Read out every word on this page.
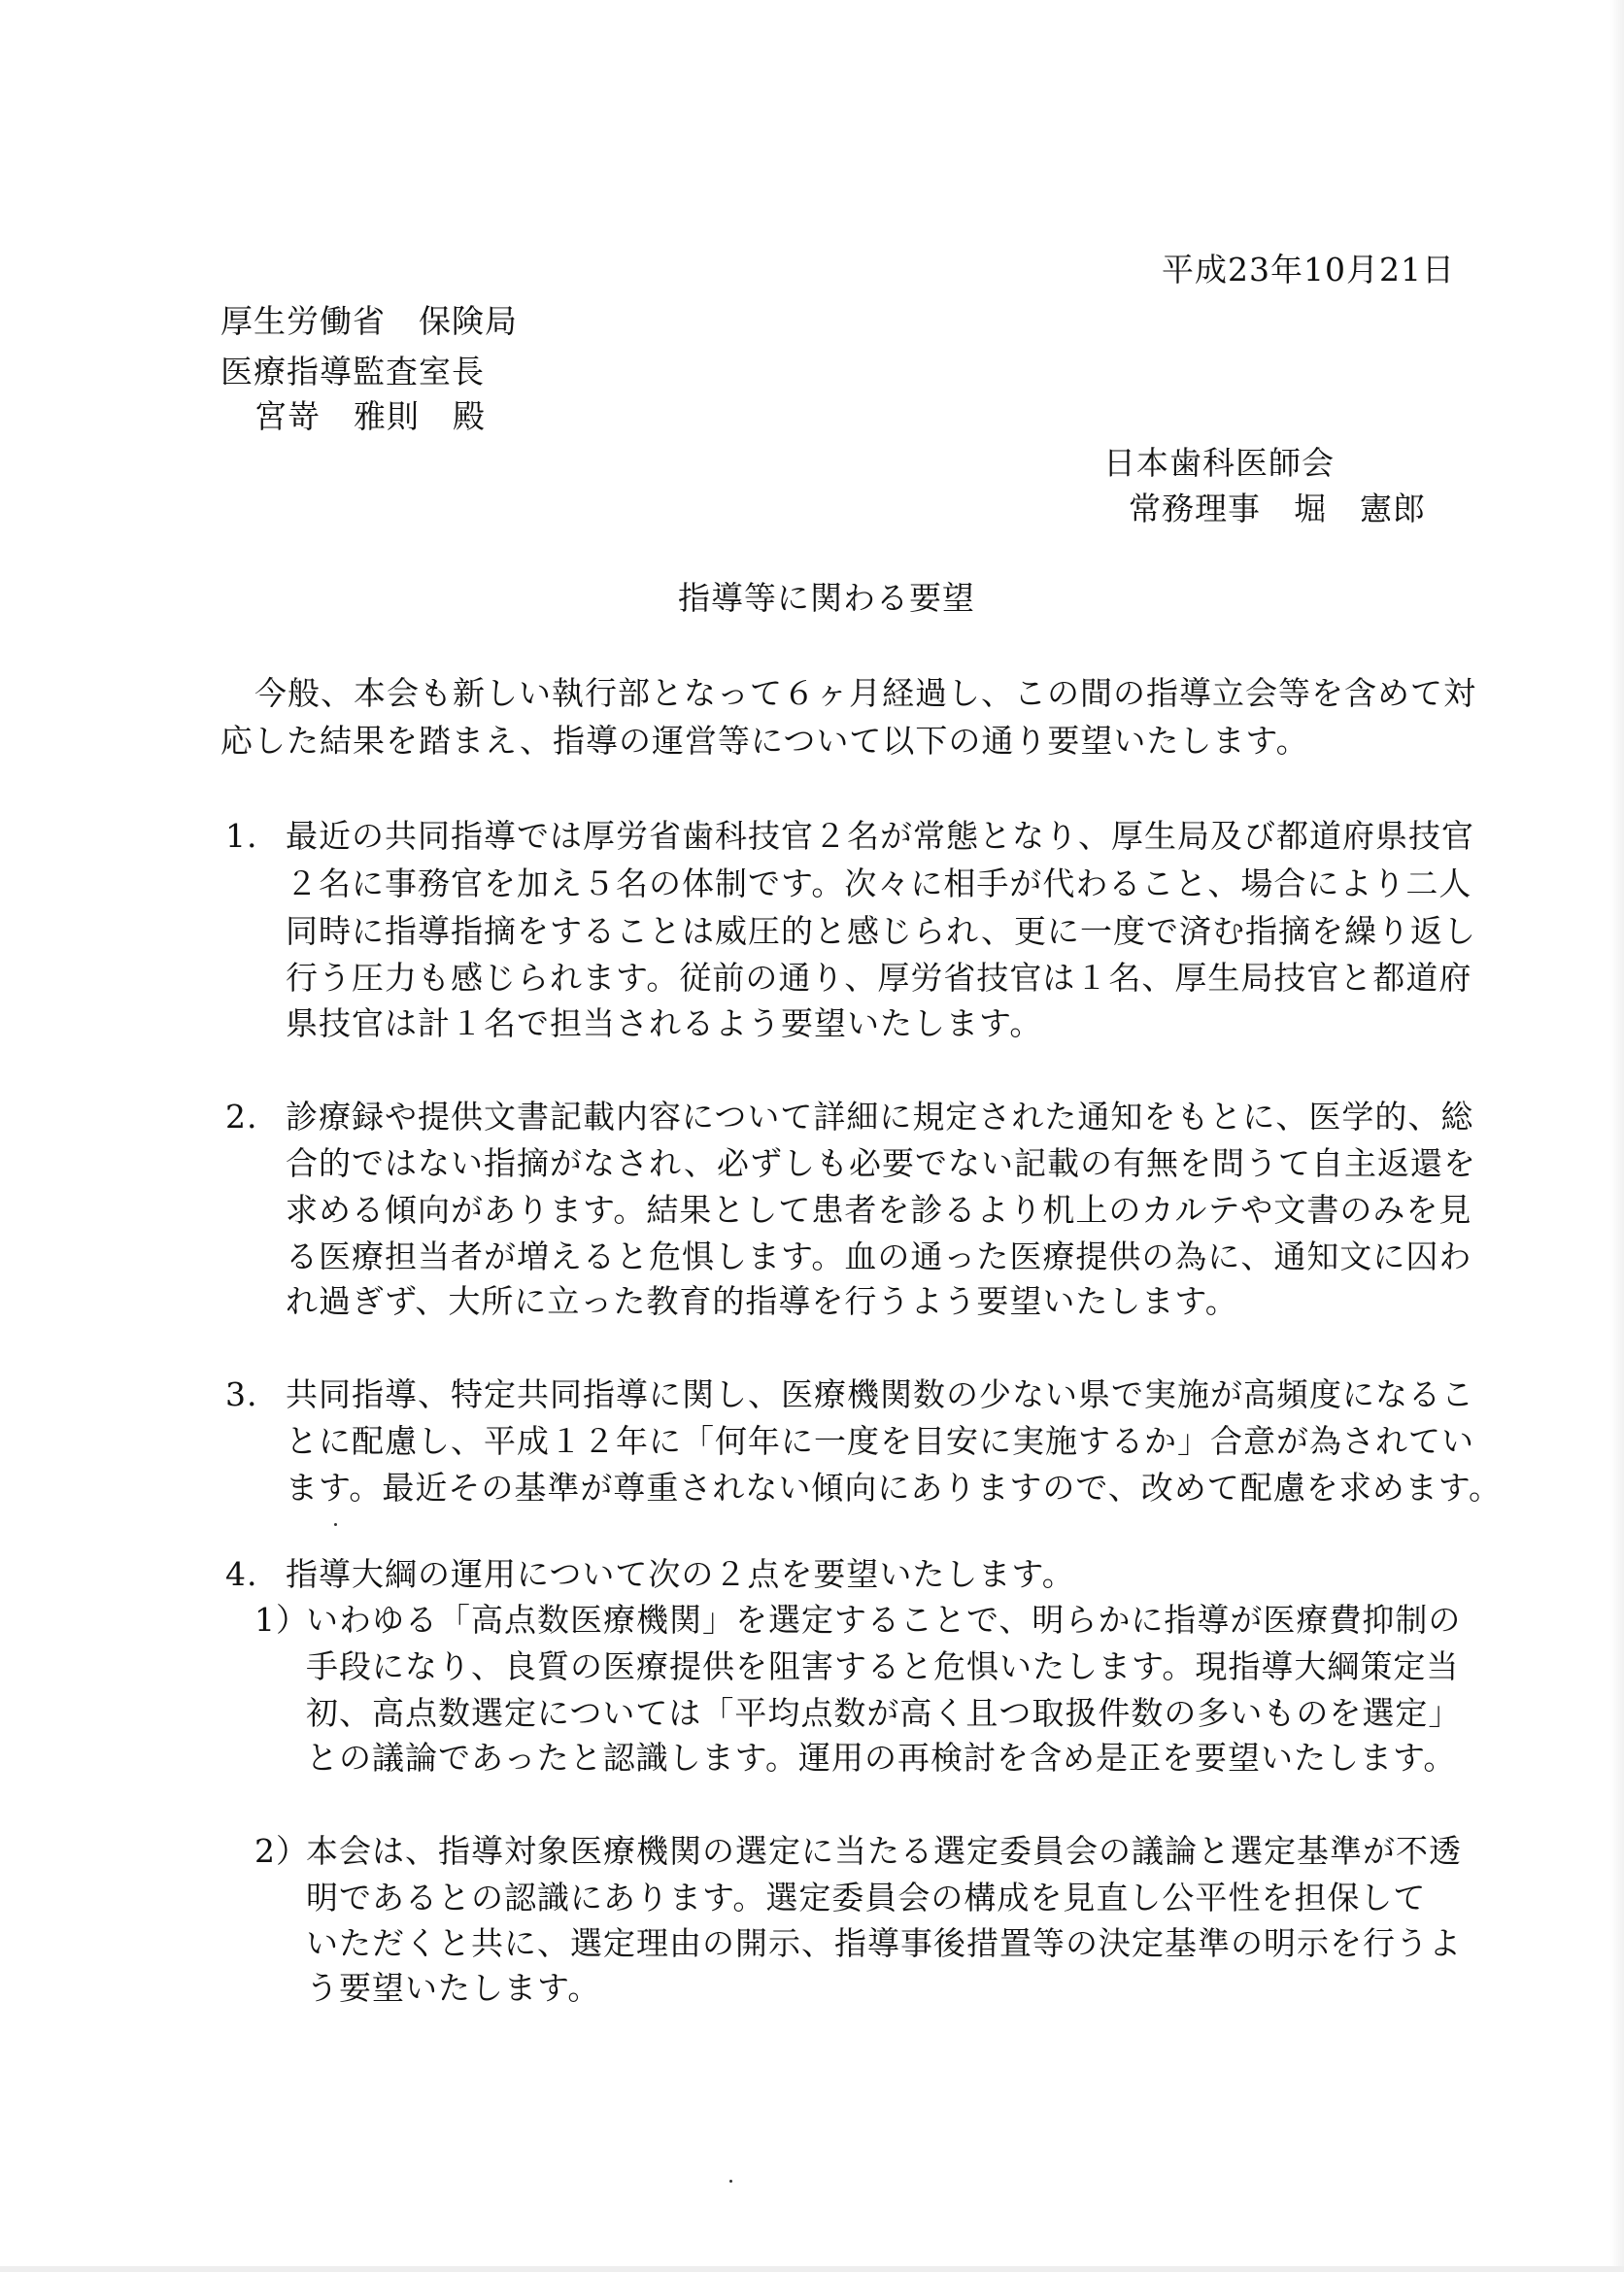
平成23年10月21日
厚生労働省　保険局
医療指導監査室長
宮嵜　雅則　殿
日本歯科医師会
常務理事　堀　憲郎
指導等に関わる要望
今般、本会も新しい執行部となって６ヶ月経過し、この間の指導立会等を含めて対
応した結果を踏まえ、指導の運営等について以下の通り要望いたします。
1. 最近の共同指導では厚労省歯科技官２名が常態となり、厚生局及び都道府県技官
２名に事務官を加え５名の体制です。次々に相手が代わること、場合により二人
同時に指導指摘をすることは威圧的と感じられ、更に一度で済む指摘を繰り返し
行う圧力も感じられます。従前の通り、厚労省技官は１名、厚生局技官と都道府
県技官は計１名で担当されるよう要望いたします。
2. 診療録や提供文書記載内容について詳細に規定された通知をもとに、医学的、総
合的ではない指摘がなされ、必ずしも必要でない記載の有無を問うて自主返還を
求める傾向があります。結果として患者を診るより机上のカルテや文書のみを見
る医療担当者が増えると危惧します。血の通った医療提供の為に、通知文に囚わ
れ過ぎず、大所に立った教育的指導を行うよう要望いたします。
3. 共同指導、特定共同指導に関し、医療機関数の少ない県で実施が高頻度になるこ
とに配慮し、平成１２年に「何年に一度を目安に実施するか」合意が為されてい
ます。最近その基準が尊重されない傾向にありますので、改めて配慮を求めます。
4. 指導大綱の運用について次の２点を要望いたします。
1）
いわゆる「高点数医療機関」を選定することで、明らかに指導が医療費抑制の
手段になり、良質の医療提供を阻害すると危惧いたします。現指導大綱策定当
初、高点数選定については「平均点数が高く且つ取扱件数の多いものを選定」
との議論であったと認識します。運用の再検討を含め是正を要望いたします。
2）
本会は、指導対象医療機関の選定に当たる選定委員会の議論と選定基準が不透
明であるとの認識にあります。選定委員会の構成を見直し公平性を担保して
いただくと共に、選定理由の開示、指導事後措置等の決定基準の明示を行うよ
う要望いたします。
